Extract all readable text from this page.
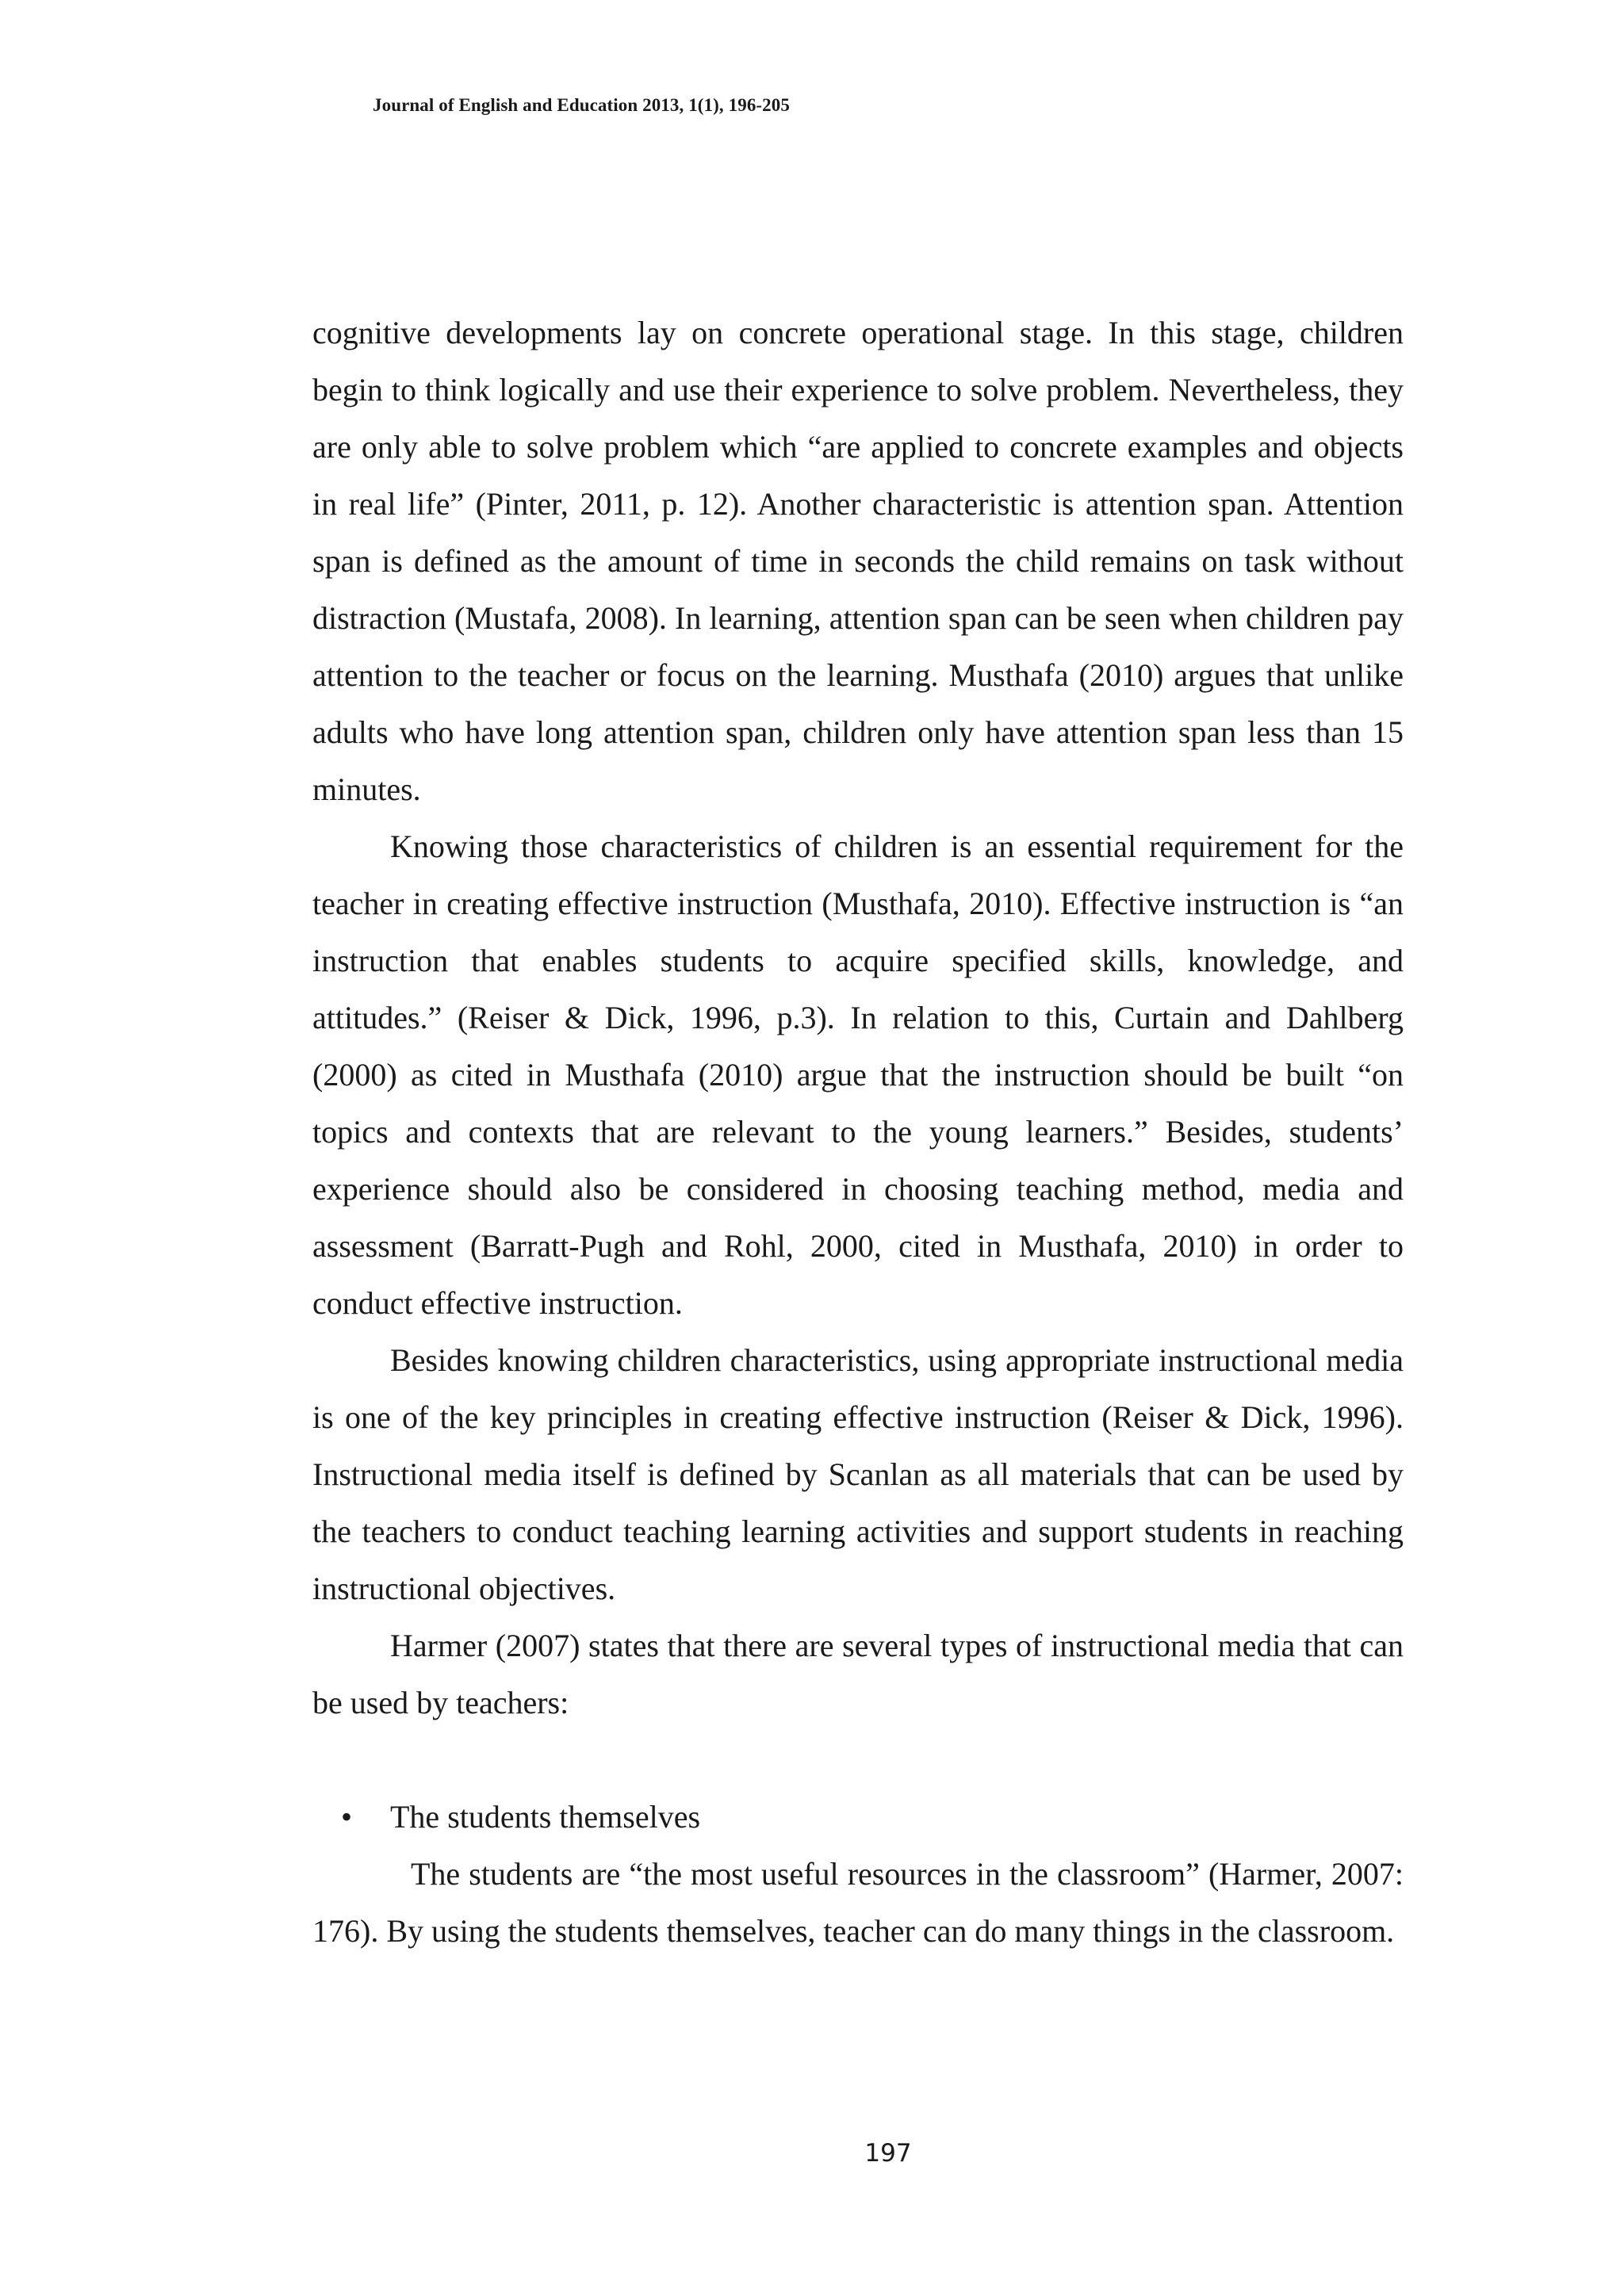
Journal of English and Education 2013, 1(1), 196-205

cognitive developments lay on concrete operational stage. In this stage, children begin to think logically and use their experience to solve problem. Nevertheless, they are only able to solve problem which “are applied to concrete examples and objects in real life” (Pinter, 2011, p. 12). Another characteristic is attention span. Attention span is defined as the amount of time in seconds the child remains on task without distraction (Mustafa, 2008). In learning, attention span can be seen when children pay attention to the teacher or focus on the learning. Musthafa (2010) argues that unlike adults who have long attention span, children only have attention span less than 15 minutes.

Knowing those characteristics of children is an essential requirement for the teacher in creating effective instruction (Musthafa, 2010). Effective instruction is “an instruction that enables students to acquire specified skills, knowledge, and attitudes.” (Reiser & Dick, 1996, p.3). In relation to this, Curtain and Dahlberg (2000) as cited in Musthafa (2010) argue that the instruction should be built “on topics and contexts that are relevant to the young learners.” Besides, students’ experience should also be considered in choosing teaching method, media and assessment (Barratt-Pugh and Rohl, 2000, cited in Musthafa, 2010) in order to conduct effective instruction.

Besides knowing children characteristics, using appropriate instructional media is one of the key principles in creating effective instruction (Reiser & Dick, 1996). Instructional media itself is defined by Scanlan as all materials that can be used by the teachers to conduct teaching learning activities and support students in reaching instructional objectives.

Harmer (2007) states that there are several types of instructional media that can be used by teachers:

• The students themselves

The students are “the most useful resources in the classroom” (Harmer, 2007: 176). By using the students themselves, teacher can do many things in the classroom.

197
